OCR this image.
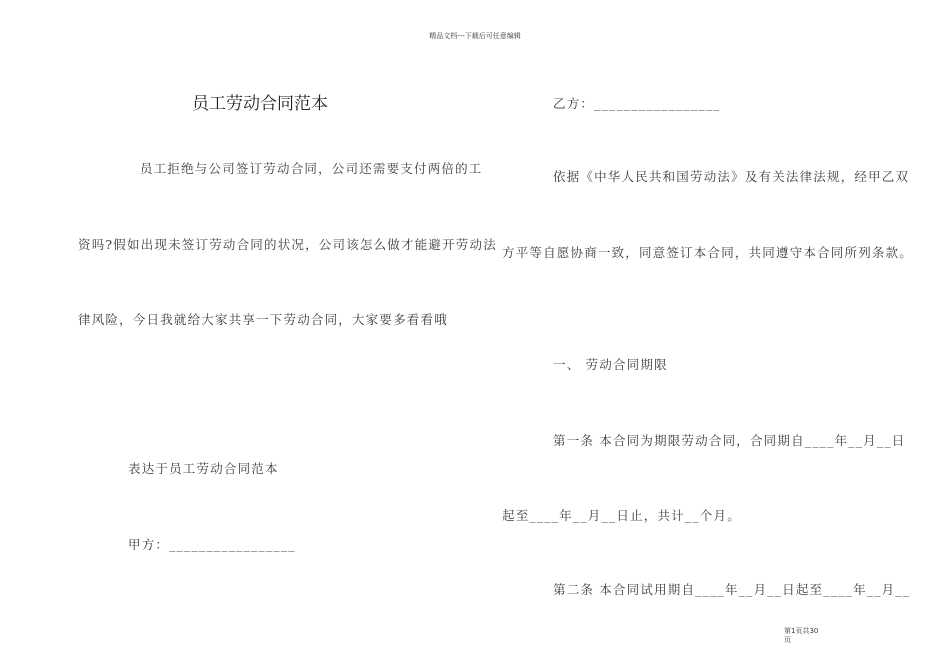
精品文档---下载后可任意编辑
员工劳动合同范本
员工拒绝与公司签订劳动合同，公司还需要支付两倍的工
资吗?假如出现未签订劳动合同的状况，公司该怎么做才能避开劳动法
律风险，今日我就给大家共享一下劳动合同，大家要多看看哦
表达于员工劳动合同范本
甲方：_________________
乙方：_________________
依据《中华人民共和国劳动法》及有关法律法规，经甲乙双
方平等自愿协商一致，同意签订本合同，共同遵守本合同所列条款。
一、 劳动合同期限
第一条 本合同为期限劳动合同，合同期自____年__月__日
起至____年__月__日止，共计__个月。
第二条 本合同试用期自____年__月__日起至____年__月__
第1页共30
页
